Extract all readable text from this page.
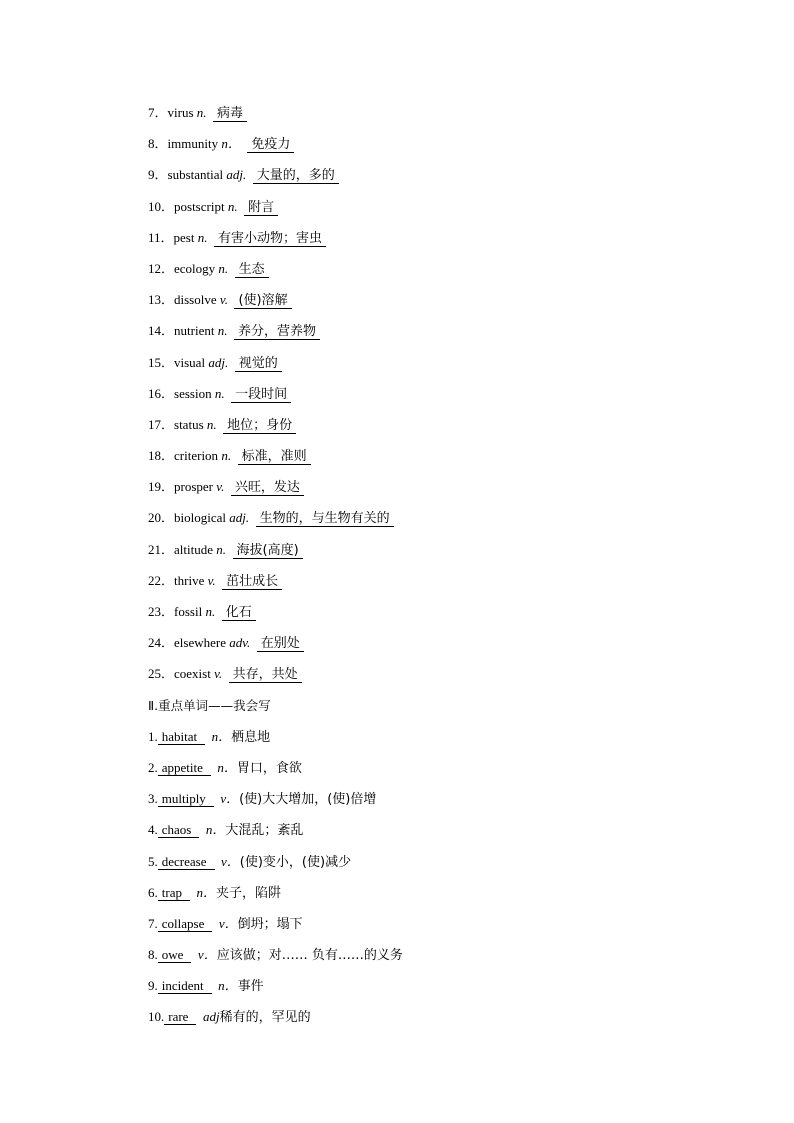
7．virus n. 病毒
8．immunity n． 免疫力
9．substantial adj. 大量的，多的
10．postscript n. 附言
11．pest n. 有害小动物；害虫
12．ecology n. 生态
13．dissolve v. (使)溶解
14．nutrient n. 养分，营养物
15．visual adj. 视觉的
16．session n. 一段时间
17．status n. 地位；身份
18．criterion n. 标准，准则
19．prosper v. 兴旺，发达
20．biological adj. 生物的，与生物有关的
21．altitude n. 海拔(高度)
22．thrive v. 茁壮成长
23．fossil n. 化石
24．elsewhere adv. 在别处
25．coexist v. 共存，共处
Ⅱ.重点单词——我会写
1. habitat n．栖息地
2. appetite n．胃口，食欲
3. multiply v．(使)大大增加，(使)倍增
4. chaos n．大混乱；紊乱
5. decrease v．(使)变小，(使)减少
6. trap n．夹子，陷阱
7. collapse v．倒坍；塌下
8. owe v．应该做；对…… 负有……的义务
9. incident n．事件
10. rare adj稀有的，罕见的
